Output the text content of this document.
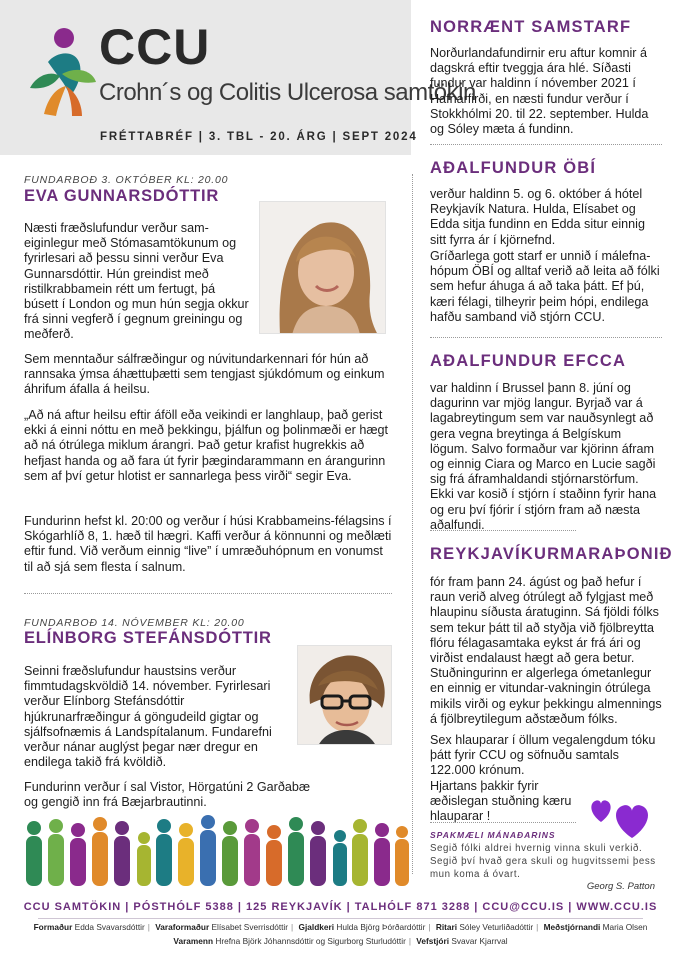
CCU
Crohn´s og Colitis Ulcerosa samtökin
FRÉTTABRÉF | 3. TBL - 20. ÁRG | SEPT 2024
FUNDARBOÐ 3. OKTÓBER KL: 20.00
EVA GUNNARSDÓTTIR
Næsti fræðslufundur verður sam-eiginlegur með Stómasamtökunum og fyrirlesari að þessu sinni verður Eva Gunnarsdóttir. Hún greindist með ristilkrabbamein rétt um fertugt, þá búsett í London og mun hún segja okkur frá sinni vegferð í gegnum greiningu og meðferð.
Sem menntaður sálfræðingur og núvitundarkennari fór hún að rannsaka ýmsa áhættuþætti sem tengjast sjúkdómum og einkum áhrifum áfalla á heilsu.
„Að ná aftur heilsu eftir áföll eða veikindi er langhlaup, það gerist ekki á einni nóttu en með þekkingu, þjálfun og þolinmæði er hægt að ná ótrúlega miklum árangri. Það getur krafist hugrekkis að hefjast handa og að fara út fyrir þægindarammann en árangurinn sem af því getur hlotist er sannarlega þess virði“ segir Eva.
Fundurinn hefst kl. 20:00 og verður í húsi Krabbameins-félagsins í Skógarhlíð 8, 1. hæð til hægri. Kaffi verður á könnunni og meðlæti eftir fund. Við verðum einnig “live” í umræðuhópnum en vonumst til að sjá sem flesta í salnum.
FUNDARBOÐ 14. NÓVEMBER KL: 20.00
ELÍNBORG STEFÁNSDÓTTIR
Seinni fræðslufundur haustsins verður fimmtudagskvöldið 14. nóvember. Fyrirlesari verður Elínborg Stefánsdóttir hjúkrunarfræðingur á göngudeild gigtar og sjálfsofnæmis á Landspítalanum. Fundarefni verður nánar auglýst þegar nær dregur en endilega takið frá kvöldið.
Fundurinn verður í sal Vistor, Hörgatúni 2 Garðabæ og gengið inn frá Bæjarbrautinni.
NORRÆNT SAMSTARF
Norðurlandafundirnir eru aftur komnir á dagskrá eftir tveggja ára hlé. Síðasti fundur var haldinn í nóvember 2021 í Hafnarfirði, en næsti fundur verður í Stokkhólmi 20. til 22. september. Hulda og Sóley mæta á fundinn.
AÐALFUNDUR ÖBÍ
verður haldinn 5. og 6. október á hótel Reykjavík Natura. Hulda, Elísabet og Edda sitja fundinn en Edda situr einnig sitt fyrra ár í kjörnefnd.
Gríðarlega gott starf er unnið í málefna-hópum ÖBÍ og alltaf verið að leita að fólki sem hefur áhuga á að taka þátt. Ef þú, kæri félagi, tilheyrir þeim hópi, endilega hafðu samband við stjórn CCU.
AÐALFUNDUR EFCCA
var haldinn í Brussel þann 8. júní og dagurinn var mjög langur. Byrjað var á lagabreytingum sem var nauðsynlegt að gera vegna breytinga á Belgískum lögum. Salvo formaður var kjörinn áfram og einnig Ciara og Marco en Lucie sagði sig frá áframhaldandi stjórnarstörfum. Ekki var kosið í stjórn í staðinn fyrir hana og eru því fjórir í stjórn fram að næsta aðalfundi.
REYKJAVÍKURMARAÞONIÐ
fór fram þann 24. ágúst og það hefur í raun verið alveg ótrúlegt að fylgjast með hlaupinu síðusta áratuginn. Sá fjöldi fólks sem tekur þátt til að styðja við fjölbreytta flóru félagasamtaka eykst ár frá ári og virðist endalaust hægt að gera betur. Stuðningurinn er algerlega ómetanlegur en einnig er vitundar-vakningin ótrúlega mikils virði og eykur þekkingu almennings á fjölbreytilegum aðstæðum fólks.
Sex hlauparar í öllum vegalengdum tóku þátt fyrir CCU og söfnuðu samtals 122.000 krónum.
Hjartans þakkir fyrir æðislegan stuðning kæru hlauparar !
SPAKMÆLI MÁNAÐARINS
Segið fólki aldrei hvernig vinna skuli verkið. Segið því hvað gera skuli og hugvitssemi þess mun koma á óvart.
Georg S. Patton
CCU SAMTÖKIN | PÓSTHÓLF 5388 | 125 REYKJAVÍK | TALHÓLF 871 3288 | CCU@CCU.IS | WWW.CCU.IS
Formaður Edda Svavarsdóttir | Varaformaður Elísabet Sverrisdóttir | Gjaldkeri Hulda Björg Þórðardóttir | Ritari Sóley Veturliðadóttir | Meðstjórnandi Maria Olsen
Varamenn Hrefna Björk Jóhannsdóttir og Sigurborg Sturludóttir | Vefstjóri Svavar Kjarrval
